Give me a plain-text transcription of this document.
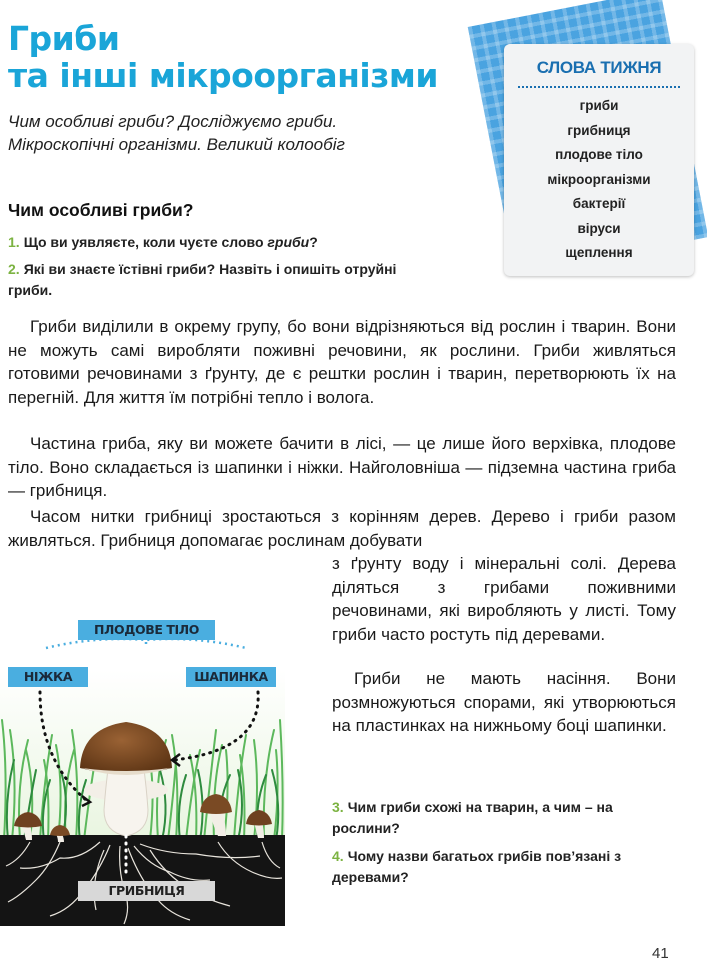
Гриби
та інші мікроорганізми
Чим особливі гриби? Досліджуємо гриби.
Мікроскопічні організми. Великий колообіг
Чим особливі гриби?
1. Що ви уявляєте, коли чуєте слово гриби?
2. Які ви знаєте їстівні гриби? Назвіть і опишіть отруйні гриби.
СЛОВА ТИЖНЯ
гриби
грибниця
плодове тіло
мікроорганізми
бактерії
віруси
щеплення

Гриби виділили в окрему групу, бо вони відрізняються від рослин і тварин. Вони не можуть самі виробляти поживні речовини, як рослини. Гриби живляться готовими речовинами з ґрунту, де є рештки рослин і тварин, перетворюють їх на перегній. Для життя їм потрібні тепло і волога.

Частина гриба, яку ви можете бачити в лісі, — це лише його верхівка, плодове тіло. Воно складається із шапинки і ніжки. Найголовніша — підземна частина гриба — грибниця.

Часом нитки грибниці зростаються з корінням дерев. Дерево і гриби разом живляться. Грибниця допомагає рослинам добувати

з ґрунту воду і мінеральні солі. Дерева діляться з грибами поживними речовинами, які виробляють у листі. Тому гриби часто ростуть під деревами.

Гриби не мають насіння. Вони розмножуються спорами, які утворюються на пластинках на нижньому боці шапинки.

ПЛОДОВЕ ТІЛО
НІЖКА	ШАПИНКА
ГРИБНИЦЯ
3. Чим гриби схожі на тварин, а чим – на рослини?
4. Чому назви багатьох грибів пов’язані з деревами?
41
